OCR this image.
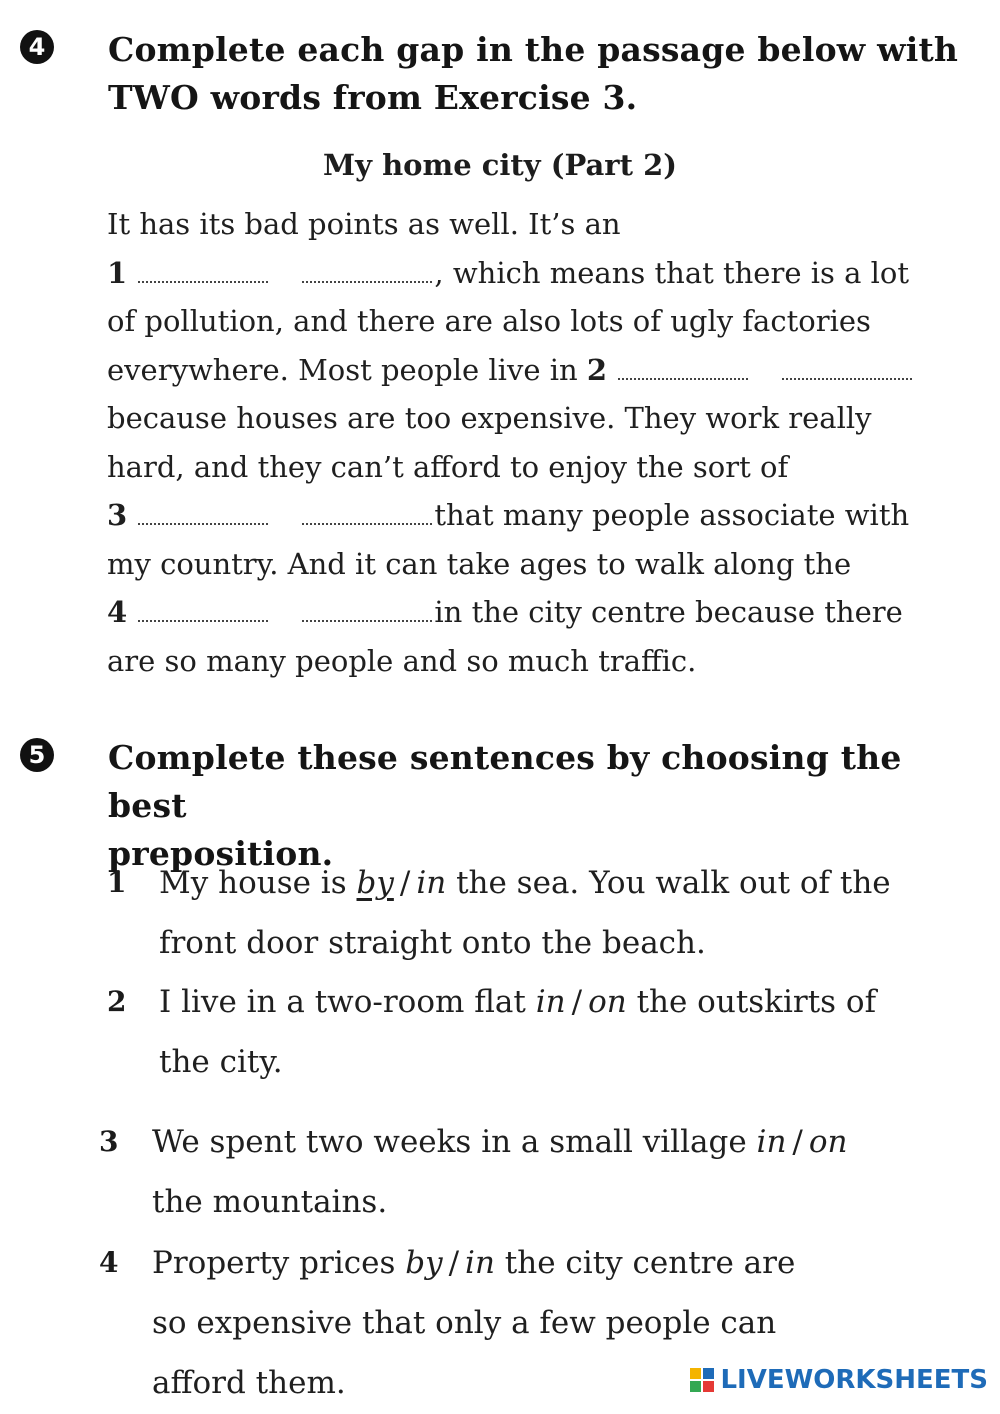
4 Complete each gap in the passage below with
TWO words from Exercise 3.
My home city (Part 2)
It has its bad points as well. It’s an
1	, which means that there is a lot
of pollution, and there are also lots of ugly factories
everywhere. Most people live in 2
because houses are too expensive. They work really
hard, and they can’t afford to enjoy the sort of
3	that many people associate with
my country. And it can take ages to walk along the
4	in the city centre because there
are so many people and so much traffic.
5 Complete these sentences by choosing the best
preposition.
1 My house is by / in the sea. You walk out of the
front door straight onto the beach.
2 I live in a two-room flat in / on the outskirts of
the city.
3 We spent two weeks in a small village in / on
the mountains.
4 Property prices by / in the city centre are
so expensive that only a few people can
afford them.	LIVEWORKSHEETS
